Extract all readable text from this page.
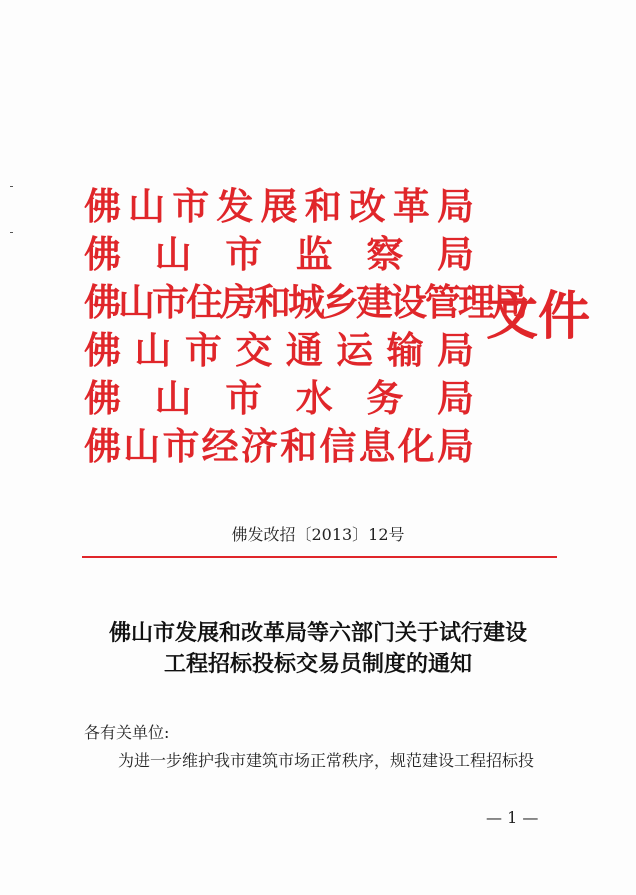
佛山市发展和改革局
佛山市监察局
佛山市住房和城乡建设管理局
佛山市交通运输局
佛山市水务局
佛山市经济和信息化局
文件
佛发改招〔2013〕12号
佛山市发展和改革局等六部门关于试行建设
工程招标投标交易员制度的通知
各有关单位:
为进一步维护我市建筑市场正常秩序，规范建设工程招标投
— 1 —
